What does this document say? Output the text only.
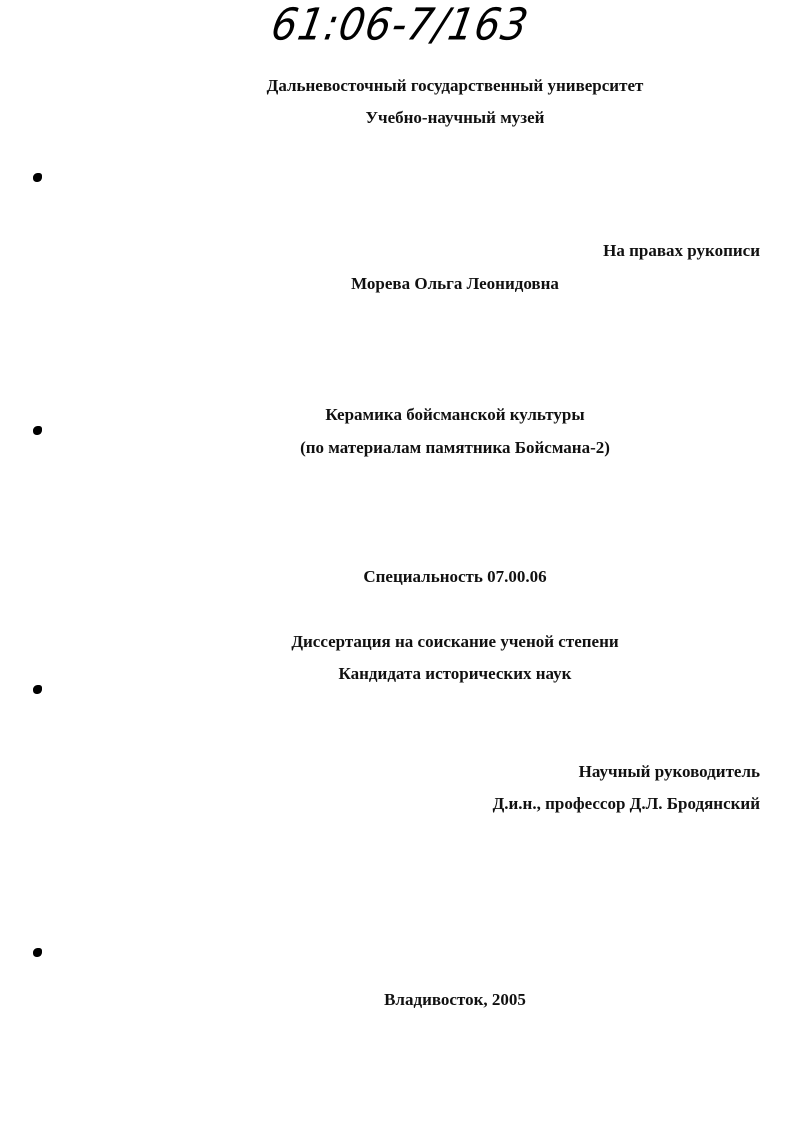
61:06-7/163
Дальневосточный государственный университет
Учебно-научный музей
На правах рукописи
Морева Ольга Леонидовна
Керамика бойсманской культуры
(по материалам памятника Бойсмана-2)
Специальность 07.00.06
Диссертация на соискание ученой степени
Кандидата исторических наук
Научный руководитель
Д.и.н., профессор Д.Л. Бродянский
Владивосток, 2005
